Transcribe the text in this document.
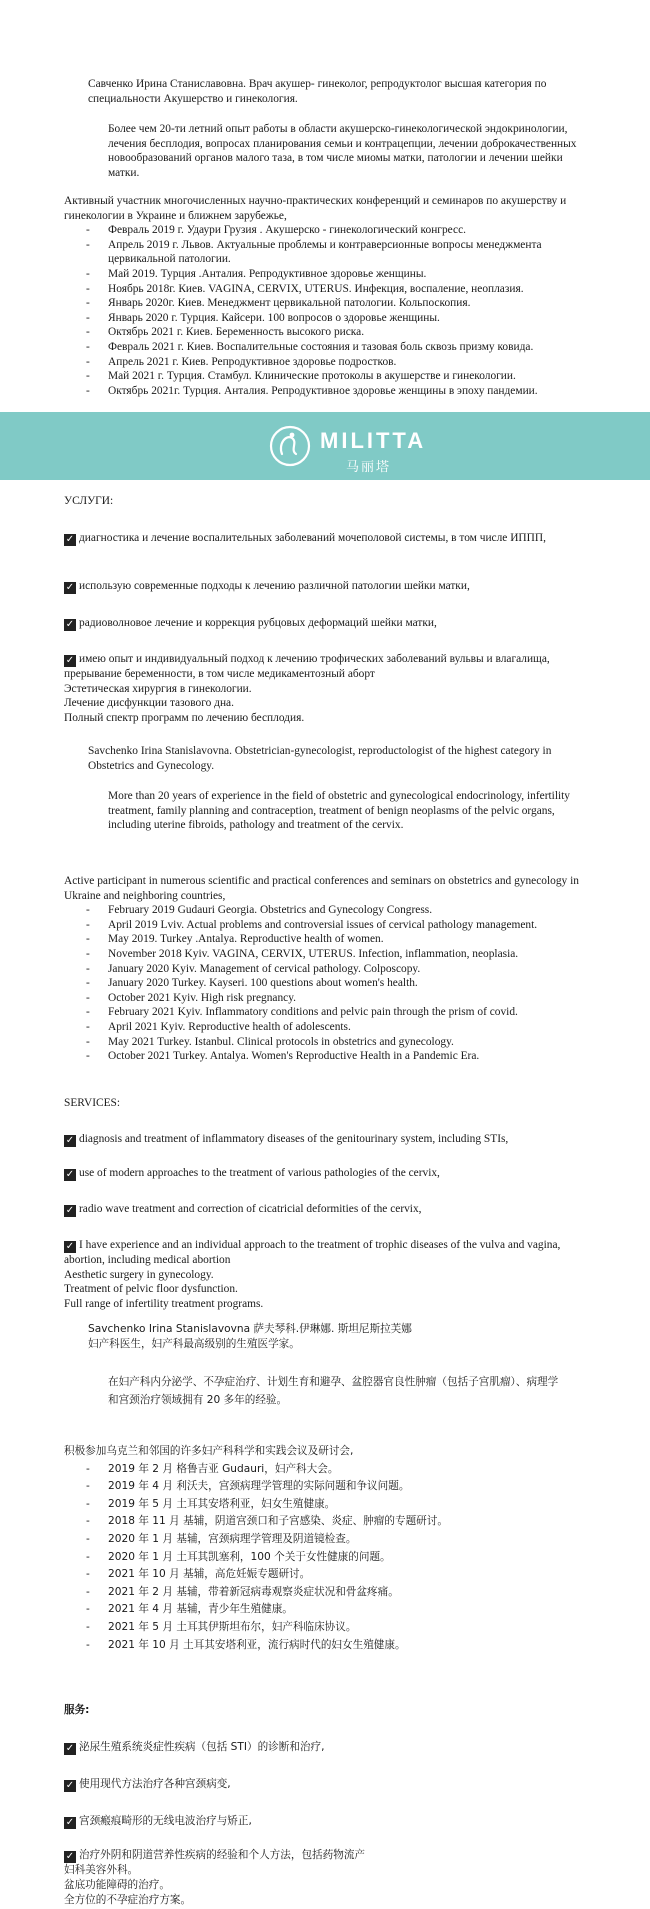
Савченко Ирина Станиславовна. Врач акушер- гинеколог, репродуктолог высшая категория по специальности Акушерство и гинекология.

Более чем 20-ти летний опыт работы в области акушерско-гинекологической эндокринологии, лечения бесплодия, вопросах планирования семьи и контрацепции, лечении доброкачественных новообразований органов малого таза, в том числе миомы матки, патологии и лечении шейки матки.

Активный участник многочисленных научно-практических конференций и семинаров по акушерству и гинекологии в Украине и ближнем зарубежье,

- Февраль 2019 г. Удаури Грузия . Акушерско - гинекологический конгресс.
- Апрель 2019 г. Львов. Актуальные проблемы и контраверсионные вопросы менеджмента цервикальной патологии.
- Май 2019. Турция .Анталия. Репродуктивное здоровье женщины.
- Ноябрь 2018г. Киев. VAGINA, CERVIX, UTERUS. Инфекция, воспаление, неоплазия.
- Январь 2020г. Киев. Менеджмент цервикальной патологии. Кольпоскопия.
- Январь 2020 г. Турция. Кайсери. 100 вопросов о здоровье женщины.
- Октябрь 2021 г. Киев. Беременность высокого риска.
- Февраль 2021 г. Киев. Воспалительные состояния и тазовая боль сквозь призму ковида.
- Апрель 2021 г. Киев. Репродуктивное здоровье подростков.
- Май 2021 г. Турция. Стамбул. Клинические протоколы в акушерстве и гинекологии.
- Октябрь 2021г. Турция. Анталия. Репродуктивное здоровье женщины в эпоху пандемии.
MILITTA
马丽塔

УСЛУГИ:

✓ диагностика и лечение воспалительных заболеваний мочеполовой системы, в том числе ИППП,

✓ использую современные подходы к лечению различной патологии шейки матки,

✓ радиоволновое лечение и коррекция рубцовых деформаций шейки матки,

✓ имею опыт и индивидуальный подход к лечению трофических заболеваний вульвы и влагалища, прерывание беременности, в том числе медикаментозный аборт

Эстетическая хирургия в гинекологии.

Лечение дисфункции тазового дна.

Полный спектр программ по лечению бесплодия.

Savchenko Irina Stanislavovna. Obstetrician-gynecologist, reproductologist of the highest category in Obstetrics and Gynecology.

More than 20 years of experience in the field of obstetric and gynecological endocrinology, infertility treatment, family planning and contraception, treatment of benign neoplasms of the pelvic organs, including uterine fibroids, pathology and treatment of the cervix.

Active participant in numerous scientific and practical conferences and seminars on obstetrics and gynecology in Ukraine and neighboring countries,

- February 2019 Gudauri Georgia. Obstetrics and Gynecology Congress.
- April 2019 Lviv. Actual problems and controversial issues of cervical pathology management.
- May 2019. Turkey .Antalya. Reproductive health of women.
- November 2018 Kyiv. VAGINA, CERVIX, UTERUS. Infection, inflammation, neoplasia.
- January 2020 Kyiv. Management of cervical pathology. Colposcopy.
- January 2020 Turkey. Kayseri. 100 questions about women's health.
- October 2021 Kyiv. High risk pregnancy.
- February 2021 Kyiv. Inflammatory conditions and pelvic pain through the prism of covid.
- April 2021 Kyiv. Reproductive health of adolescents.
- May 2021 Turkey. Istanbul. Clinical protocols in obstetrics and gynecology.
- October 2021 Turkey. Antalya. Women's Reproductive Health in a Pandemic Era.

SERVICES:

✓ diagnosis and treatment of inflammatory diseases of the genitourinary system, including STIs,

✓ use of modern approaches to the treatment of various pathologies of the cervix,

✓ radio wave treatment and correction of cicatricial deformities of the cervix,

✓ I have experience and an individual approach to the treatment of trophic diseases of the vulva and vagina, abortion, including medical abortion

Aesthetic surgery in gynecology.

Treatment of pelvic floor dysfunction.

Full range of infertility treatment programs.

Savchenko Irina Stanislavovna 萨夫琴科.伊琳娜. 斯坦尼斯拉芙娜

妇产科医生，妇产科最高级别的生殖医学家。

在妇产科内分泌学、不孕症治疗、计划生育和避孕、盆腔器官良性肿瘤（包括子宫肌瘤）、病理学和宫颈治疗领域拥有 20 多年的经验。

积极参加乌克兰和邻国的许多妇产科科学和实践会议及研讨会,

- 2019 年 2 月 格鲁吉亚 Gudauri，妇产科大会。
- 2019 年 4 月 利沃夫，宫颈病理学管理的实际问题和争议问题。
- 2019 年 5 月 土耳其安塔利亚，妇女生殖健康。
- 2018 年 11 月 基辅，阴道宫颈口和子宫感染、炎症、肿瘤的专题研讨。
- 2020 年 1 月 基辅，宫颈病理学管理及阴道镜检查。
- 2020 年 1 月 土耳其凯塞利，100 个关于女性健康的问题。
- 2021 年 10 月 基辅，高危妊娠专题研讨。
- 2021 年 2 月 基辅，带着新冠病毒观察炎症状况和骨盆疼痛。
- 2021 年 4 月 基辅，青少年生殖健康。
- 2021 年 5 月 土耳其伊斯坦布尔，妇产科临床协议。
- 2021 年 10 月 土耳其安塔利亚，流行病时代的妇女生殖健康。

服务:

✓ 泌尿生殖系统炎症性疾病（包括 STI）的诊断和治疗,

✓ 使用现代方法治疗各种宫颈病变,

✓ 宫颈瘢痕畸形的无线电波治疗与矫正,

✓ 治疗外阴和阴道营养性疾病的经验和个人方法，包括药物流产

妇科美容外科。

盆底功能障碍的治疗。

全方位的不孕症治疗方案。
